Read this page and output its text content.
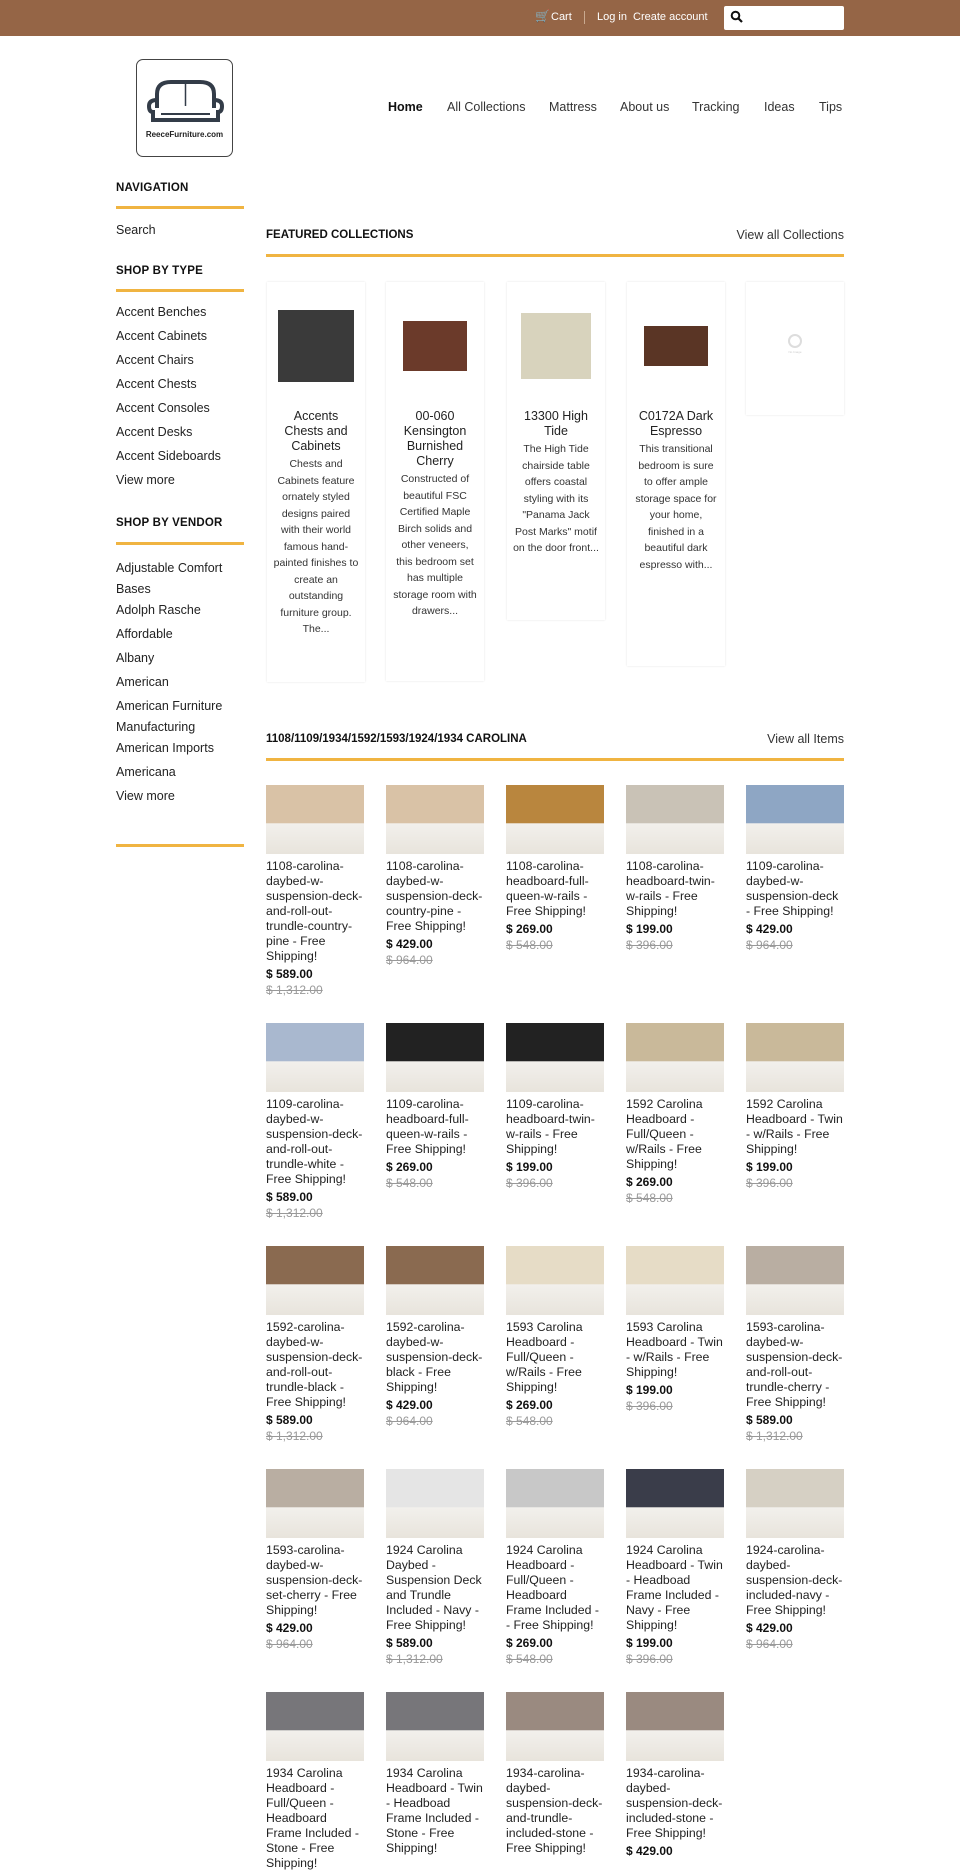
🛒 Cart Log in Create account
ReeceFurniture.com
Home All Collections Mattress About us Tracking Ideas Tips
NAVIGATION
Search
SHOP BY TYPE
Accent Benches
Accent Cabinets
Accent Chairs
Accent Chests
Accent Consoles
Accent Desks
Accent Sideboards
View more
SHOP BY VENDOR
Adjustable Comfort Bases
Adolph Rasche
Affordable
Albany
American
American Furniture Manufacturing
American Imports
Americana
View more
FEATURED COLLECTIONS	View all Collections
Accents Chests and Cabinets
Chests and Cabinets feature ornately styled designs paired with their world famous hand-painted finishes to create an outstanding furniture group. The...
00-060 Kensington Burnished Cherry
Constructed of beautiful FSC Certified Maple Birch solids and other veneers, this bedroom set has multiple storage room with drawers...
13300 High Tide
The High Tide chairside table offers coastal styling with its "Panama Jack Post Marks" motif on the door front...
C0172A Dark Espresso
This transitional bedroom is sure to offer ample storage space for your home, finished in a beautiful dark espresso with...
No Image
1108/1109/1934/1592/1593/1924/1934 CAROLINA	View all Items
1108-carolina-daybed-w-suspension-deck-and-roll-out-trundle-country-pine - Free Shipping!
$ 589.00
$ 1,312.00
1108-carolina-daybed-w-suspension-deck-country-pine - Free Shipping!
$ 429.00
$ 964.00
1108-carolina-headboard-full-queen-w-rails - Free Shipping!
$ 269.00
$ 548.00
1108-carolina-headboard-twin-w-rails - Free Shipping!
$ 199.00
$ 396.00
1109-carolina-daybed-w-suspension-deck - Free Shipping!
$ 429.00
$ 964.00
1109-carolina-daybed-w-suspension-deck-and-roll-out-trundle-white - Free Shipping!
$ 589.00
$ 1,312.00
1109-carolina-headboard-full-queen-w-rails - Free Shipping!
$ 269.00
$ 548.00
1109-carolina-headboard-twin-w-rails - Free Shipping!
$ 199.00
$ 396.00
1592 Carolina Headboard - Full/Queen - w/Rails - Free Shipping!
$ 269.00
$ 548.00
1592 Carolina Headboard - Twin - w/Rails - Free Shipping!
$ 199.00
$ 396.00
1592-carolina-daybed-w-suspension-deck-and-roll-out-trundle-black - Free Shipping!
$ 589.00
$ 1,312.00
1592-carolina-daybed-w-suspension-deck-black - Free Shipping!
$ 429.00
$ 964.00
1593 Carolina Headboard - Full/Queen - w/Rails - Free Shipping!
$ 269.00
$ 548.00
1593 Carolina Headboard - Twin - w/Rails - Free Shipping!
$ 199.00
$ 396.00
1593-carolina-daybed-w-suspension-deck-and-roll-out-trundle-cherry - Free Shipping!
$ 589.00
$ 1,312.00
1593-carolina-daybed-w-suspension-deck-set-cherry - Free Shipping!
$ 429.00
$ 964.00
1924 Carolina Daybed - Suspension Deck and Trundle Included - Navy - Free Shipping!
$ 589.00
$ 1,312.00
1924 Carolina Headboard - Full/Queen - Headboard Frame Included - - Free Shipping!
$ 269.00
$ 548.00
1924 Carolina Headboard - Twin - Headboad Frame Included - Navy - Free Shipping!
$ 199.00
$ 396.00
1924-carolina-daybed-suspension-deck-included-navy - Free Shipping!
$ 429.00
$ 964.00
1934 Carolina Headboard - Full/Queen - Headboard Frame Included - Stone - Free Shipping!
1934 Carolina Headboard - Twin - Headboad Frame Included - Stone - Free Shipping!
1934-carolina-daybed-suspension-deck-and-trundle-included-stone - Free Shipping!
1934-carolina-daybed-suspension-deck-included-stone - Free Shipping!
$ 429.00
